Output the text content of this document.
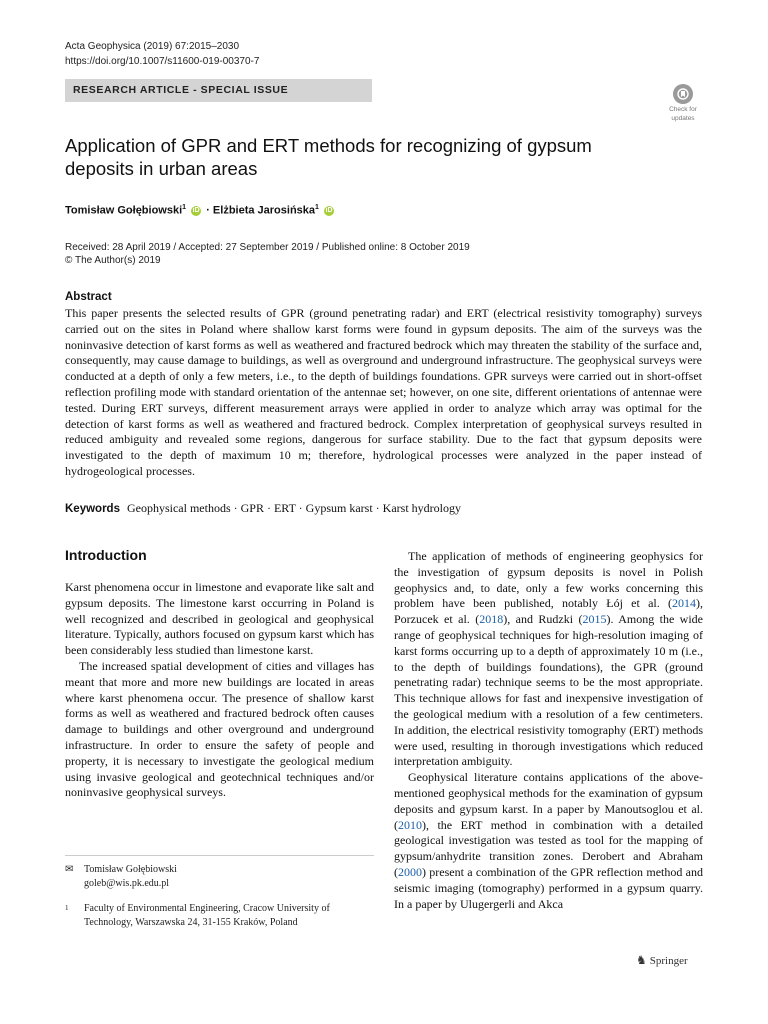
Acta Geophysica (2019) 67:2015–2030
https://doi.org/10.1007/s11600-019-00370-7
RESEARCH ARTICLE - SPECIAL ISSUE
Check for
updates
Application of GPR and ERT methods for recognizing of gypsum deposits in urban areas
Tomisław Gołębiowski$^1$ iD · Elżbieta Jarosińska$^1$ iD
Received: 28 April 2019 / Accepted: 27 September 2019 / Published online: 8 October 2019
© The Author(s) 2019
Abstract

This paper presents the selected results of GPR (ground penetrating radar) and ERT (electrical resistivity tomography) surveys carried out on the sites in Poland where shallow karst forms were found in gypsum deposits. The aim of the surveys was the noninvasive detection of karst forms as well as weathered and fractured bedrock which may threaten the stability of the surface and, consequently, may cause damage to buildings, as well as overground and underground infrastructure. The geophysical surveys were conducted at a depth of only a few meters, i.e., to the depth of buildings foundations. GPR surveys were carried out in short-offset reflection profiling mode with standard orientation of the antennae set; however, on one site, different orientations of antennae were tested. During ERT surveys, different measurement arrays were applied in order to analyze which array was optimal for the detection of karst forms as well as weathered and fractured bedrock. Complex interpretation of geophysical surveys resulted in reduced ambiguity and revealed some regions, dangerous for surface stability. Due to the fact that gypsum deposits were investigated to the depth of maximum 10 m; therefore, hydrological processes were analyzed in the paper instead of hydrogeological processes.

Keywords Geophysical methods · GPR · ERT · Gypsum karst · Karst hydrology
Introduction

Karst phenomena occur in limestone and evaporate like salt and gypsum deposits. The limestone karst occurring in Poland is well recognized and described in geological and geophysical literature. Typically, authors focused on gypsum karst which has been considerably less studied than limestone karst.

The increased spatial development of cities and villages has meant that more and more new buildings are located in areas where karst phenomena occur. The presence of shallow karst forms as well as weathered and fractured bedrock often causes damage to buildings and other overground and underground infrastructure. In order to ensure the safety of people and property, it is necessary to investigate the geological medium using invasive geological and geotechnical techniques and/or noninvasive geophysical surveys.

The application of methods of engineering geophysics for the investigation of gypsum deposits is novel in Polish geophysics and, to date, only a few works concerning this problem have been published, notably Łój et al. (2014), Porzucek et al. (2018), and Rudzki (2015). Among the wide range of geophysical techniques for high-resolution imaging of karst forms occurring up to a depth of approximately 10 m (i.e., to the depth of buildings foundations), the GPR (ground penetrating radar) technique seems to be the most appropriate. This technique allows for fast and inexpensive investigation of the geological medium with a resolution of a few centimeters. In addition, the electrical resistivity tomography (ERT) methods were used, resulting in thorough investigations which reduced interpretation ambiguity.

Geophysical literature contains applications of the above-mentioned geophysical methods for the examination of gypsum deposits and gypsum karst. In a paper by Manoutsoglou et al. (2010), the ERT method in combination with a detailed geological investigation was tested as tool for the mapping of gypsum/anhydrite transition zones. Derobert and Abraham (2000) present a combination of the GPR reflection method and seismic imaging (tomography) performed in a gypsum quarry. In a paper by Ulugergerli and Akca

✉ Tomisław Gołębiowski
goleb@wis.pk.edu.pl
1 Faculty of Environmental Engineering, Cracow University of Technology, Warszawska 24, 31-155 Kraków, Poland
♞ Springer
